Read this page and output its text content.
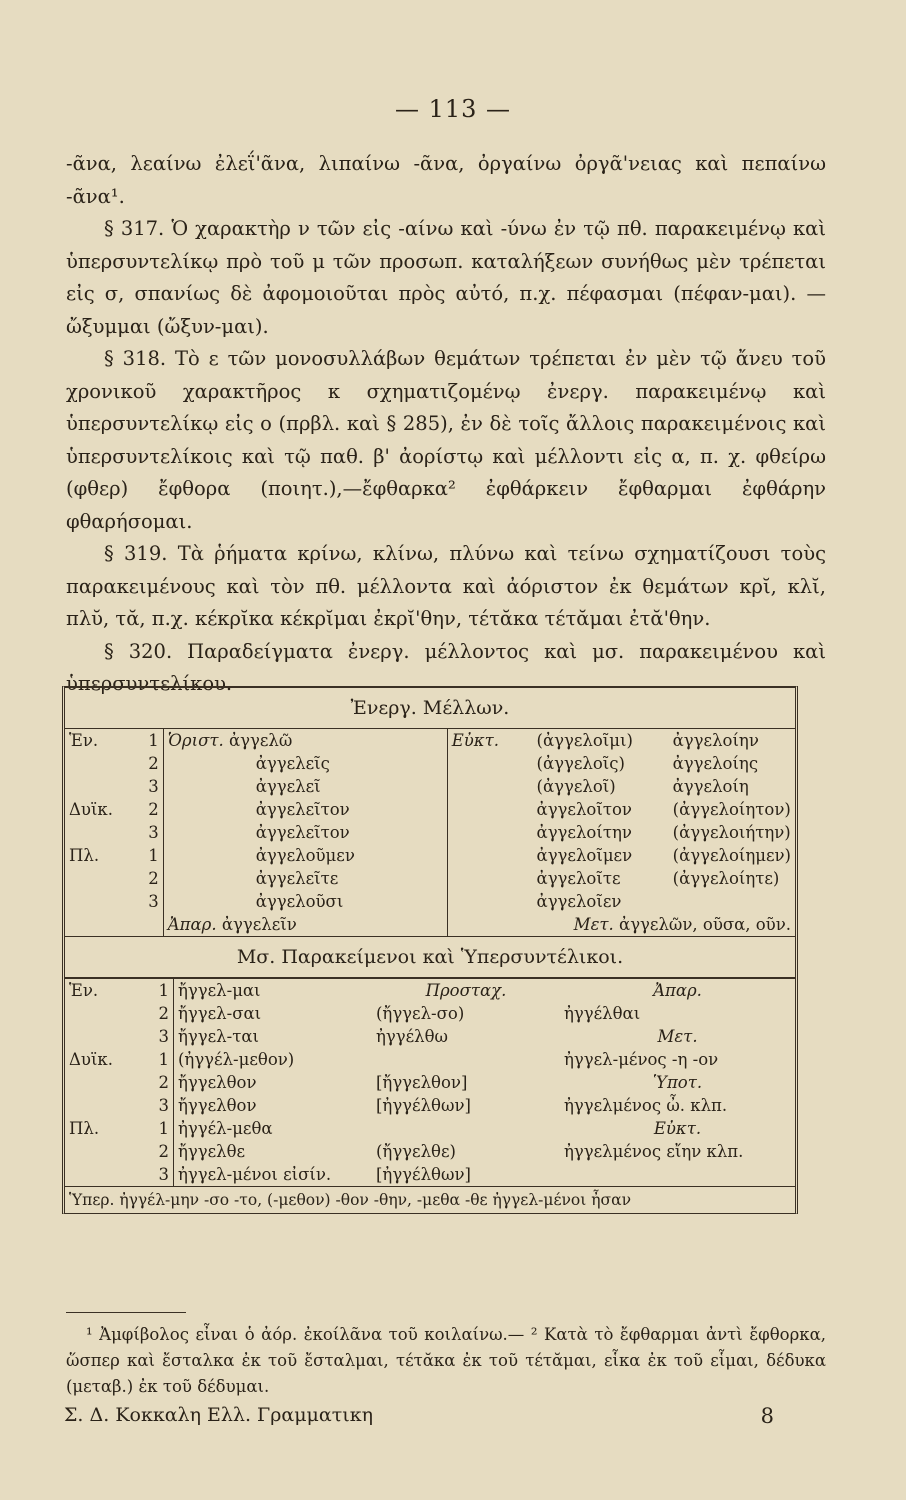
— 113 —

-ᾶνα, λεαίνω ἐλεΐ'ᾶνα, λιπαίνω -ᾶνα, ὀργαίνω ὀργᾶ'νειας καὶ πεπαίνω -ᾶνα¹.

§ 317. Ὁ χαρακτὴρ ν τῶν εἰς -αίνω καὶ -ύνω ἐν τῷ πθ. παρακειμένῳ καὶ ὑπερσυντελίκῳ πρὸ τοῦ μ τῶν προσωπ. καταλήξεων συνήθως μὲν τρέπεται εἰς σ, σπανίως δὲ ἀφομοιοῦται πρὸς αὐτό, π.χ. πέφασμαι (πέφαν-μαι). —ὤξυμμαι (ὤξυν-μαι).

§ 318. Τὸ ε τῶν μονοσυλλάβων θεμάτων τρέπεται ἐν μὲν τῷ ἄνευ τοῦ χρονικοῦ χαρακτῆρος κ σχηματιζομένῳ ἐνεργ. παρακειμένῳ καὶ ὑπερσυντελίκῳ εἰς ο (πρβλ. καὶ § 285), ἐν δὲ τοῖς ἄλλοις παρακειμένοις καὶ ὑπερσυντελίκοις καὶ τῷ παθ. β' ἀορίστῳ καὶ μέλλοντι εἰς α, π. χ. φθείρω (φθερ) ἔφθορα (ποιητ.),—ἔφθαρκα² ἐφθάρκειν ἔφθαρμαι ἐφθάρην φθαρήσομαι.

§ 319. Τὰ ῥήματα κρίνω, κλίνω, πλύνω καὶ τείνω σχηματίζουσι τοὺς παρακειμένους καὶ τὸν πθ. μέλλοντα καὶ ἀόριστον ἐκ θεμάτων κρῐ, κλῐ, πλῠ, τᾰ, π.χ. κέκρῐκα κέκρῐμαι ἐκρῐ'θην, τέτᾰκα τέτᾰμαι ἐτᾰ'θην.

§ 320. Παραδείγματα ἐνεργ. μέλλοντος καὶ μσ. παρακειμένου καὶ ὑπερσυντελίκου.

Ἐνεργ. Μέλλων.					
Ἑν.	1	Ὁριστ. ἀγγελῶ	Εὐκτ.	(ἀγγελοῖμι)	ἀγγελοίην
	2	ἀγγελεῖς		(ἀγγελοῖς)	ἀγγελοίης
	3	ἀγγελεῖ		(ἀγγελοῖ)	ἀγγελοίη
Δυϊκ.	2	ἀγγελεῖτον		ἀγγελοῖτον	(ἀγγελοίητον)
	3	ἀγγελεῖτον		ἀγγελοίτην	(ἀγγελοιήτην)
Πλ.	1	ἀγγελοῦμεν		ἀγγελοῖμεν	(ἀγγελοίημεν)
	2	ἀγγελεῖτε		ἀγγελοῖτε	(ἀγγελοίητε)
	3	ἀγγελοῦσι		ἀγγελοῖεν	
		Ἀπαρ. ἀγγελεῖν		Μετ. ἀγγελῶν, οῦσα, οῦν.	
Μσ. Παρακείμενοι καὶ Ὑπερσυντέλικοι.				
Ἑν.	1	ἤγγελ-μαι	Προσταχ.	Ἀπαρ.
	2	ἤγγελ-σαι	(ἤγγελ-σο)	ἠγγέλθαι
	3	ἤγγελ-ται	ἠγγέλθω	Μετ.
Δυϊκ.	1	(ἠγγέλ-μεθον)		ἠγγελ-μένος -η -ον
	2	ἤγγελθον	[ἤγγελθον]	Ὑποτ.
	3	ἤγγελθον	[ἠγγέλθων]	ἠγγελμένος ὦ. κλπ.
Πλ.	1	ἠγγέλ-μεθα		Εὐκτ.
	2	ἤγγελθε	(ἤγγελθε)	ἠγγελμένος εἴην κλπ.
	3	ἠγγελ-μένοι εἰσίν.	[ἠγγέλθων]	
Ὑπερ. ἠγγέλ-μην -σο -το, (-μεθον) -θον -θην, -μεθα -θε ἠγγελ-μένοι ἦσαν				
¹ Ἀμφίβολος εἶναι ὁ ἀόρ. ἐκοίλᾶνα τοῦ κοιλαίνω.— ² Κατὰ τὸ ἔφθαρμαι ἀντὶ ἔφθορκα, ὥσπερ καὶ ἔσταλκα ἐκ τοῦ ἔσταλμαι, τέτᾰκα ἐκ τοῦ τέτᾰμαι, εἷκα ἐκ τοῦ εἷμαι, δέδυκα (μεταβ.) ἐκ τοῦ δέδυμαι.
Σ. Δ. Κοκκαλη Ελλ. Γραμματικη	8
